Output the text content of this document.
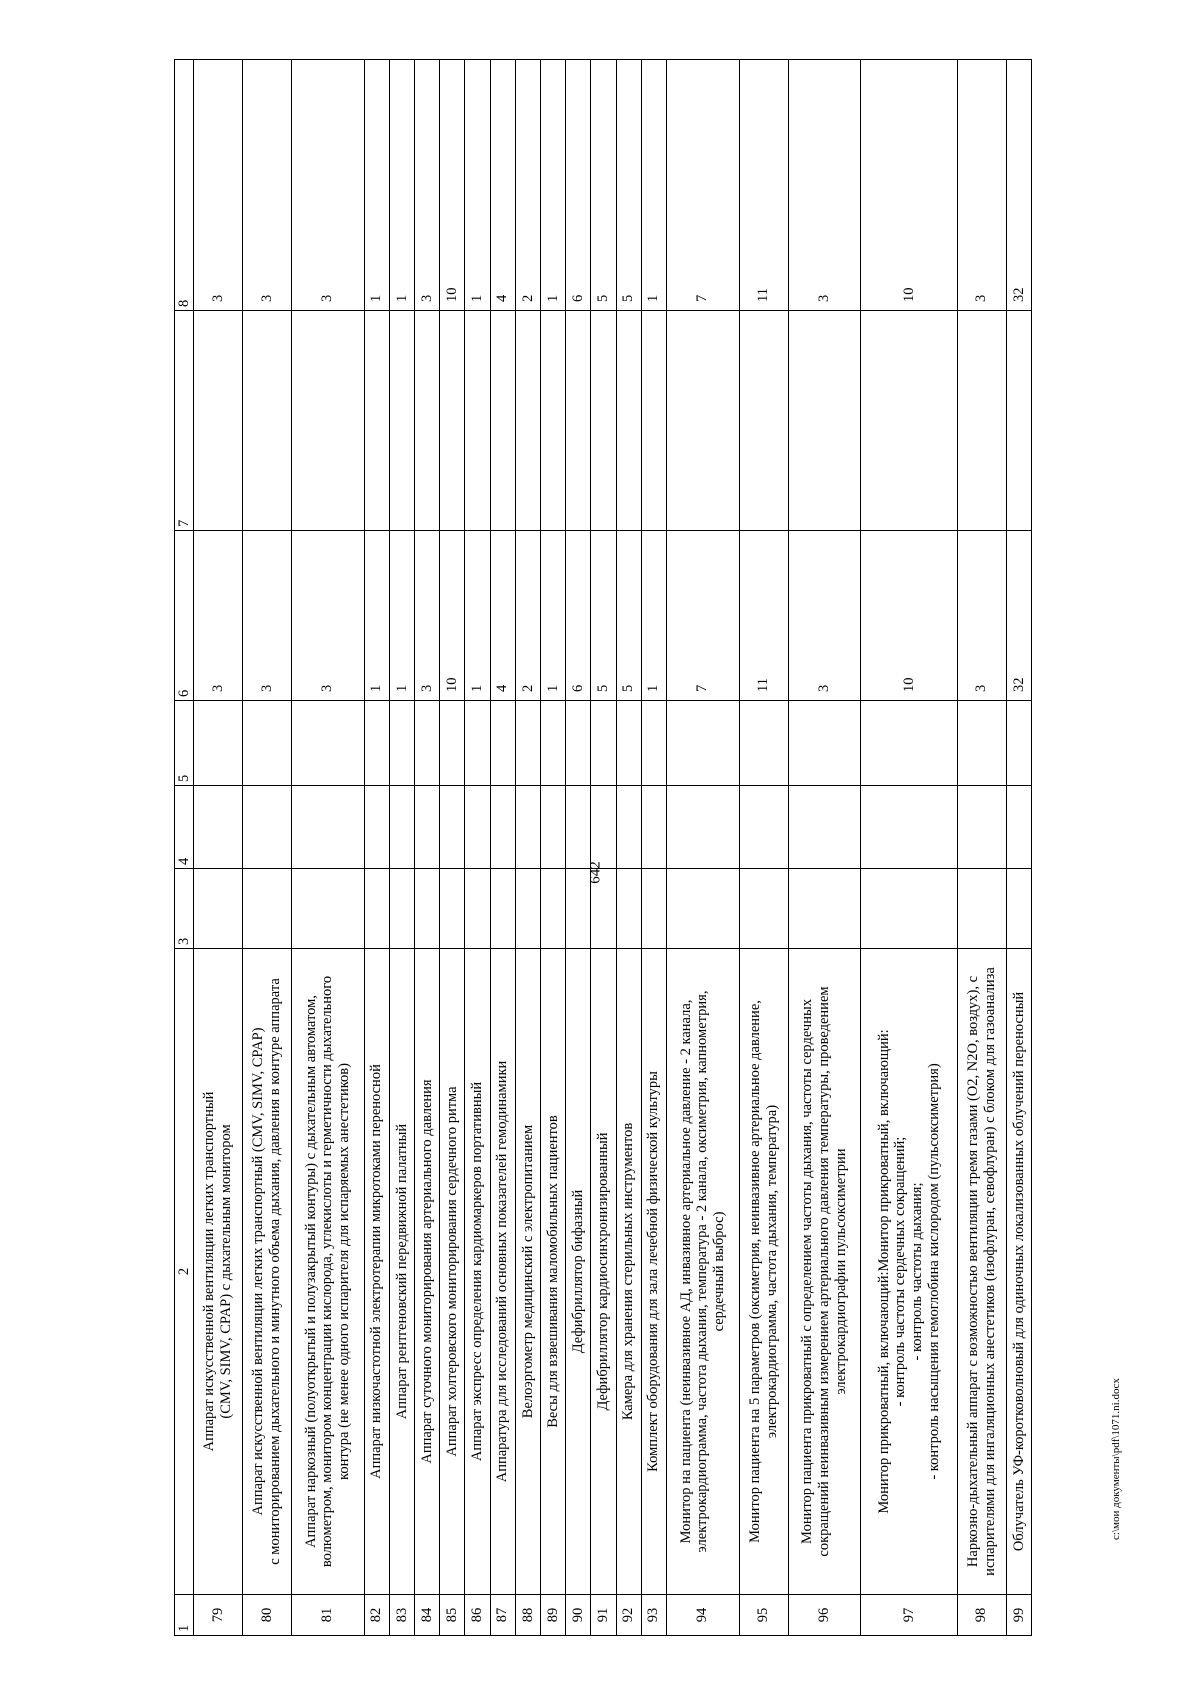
642
1	2	3	4	5	6	7	8
79	Аппарат искусственной вентиляции легких транспортный (CMV, SIMV, CPAP) с дыхательным монитором				3		3
80	Аппарат искусственной вентиляции легких транспортный (CMV, SIMV, CPAP) с мониторированием дыхательного и минутного объема дыхания, давления в контуре аппарата				3		3
81	Аппарат наркозный (полуоткрытый и полузакрытый контуры) с дыхательным автоматом, волюметром, монитором концентрации кислорода, углекислоты и герметичности дыхательного контура (не менее одного испарителя для испаряемых анестетиков)				3		3
82	Аппарат низкочастотной электротерапии микротоками переносной				1		1
83	Аппарат рентгеновский передвижной палатный				1		1
84	Аппарат суточного мониторирования артериального давления				3		3
85	Аппарат холтеровского мониторирования сердечного ритма				10		10
86	Аппарат экспресс определения кардиомаркеров портативный				1		1
87	Аппаратура для исследований основных показателей гемодинамики				4		4
88	Велоэргометр медицинский с электропитанием				2		2
89	Весы для взвешивания маломобильных пациентов				1		1
90	Дефибриллятор бифазный				6		6
91	Дефибриллятор кардиосинхронизированный				5		5
92	Камера для хранения стерильных инструментов				5		5
93	Комплект оборудования для зала лечебной физической культуры				1		1
94	Монитор на пациента (неинвазивное АД, инвазивное артериальное давление - 2 канала, электрокардиограмма, частота дыхания, температура - 2 канала, оксиметрия, капнометрия, сердечный выброс)				7		7
95	Монитор пациента на 5 параметров (оксиметрия, неинвазивное артериальное давление, электрокардиограмма, частота дыхания, температура)				11		11
96	Монитор пациента прикроватный с определением частоты дыхания, частоты сердечных сокращений неинвазивным измерением артериального давления температуры, проведением электрокардиографии пульсоксиметрии				3		3
97	Монитор прикроватный, включающий:Монитор прикроватный, включающий: - контроль частоты сердечных сокращений; - контроль частоты дыхания; - контроль насыщения гемоглобина кислородом (пульсоксиметрия)				10		10
98	Наркозно-дыхательный аппарат с возможностью вентиляции тремя газами (O2, N2O, воздух), с испарителями для ингаляционных анестетиков (изофлуран, севофлуран) с блоком для газоанализа				3		3
99	Облучатель УФ-коротковолновый для одиночных локализованных облучений переносный				32		32
c:\мои документы\pdf\1071.ni.docx
